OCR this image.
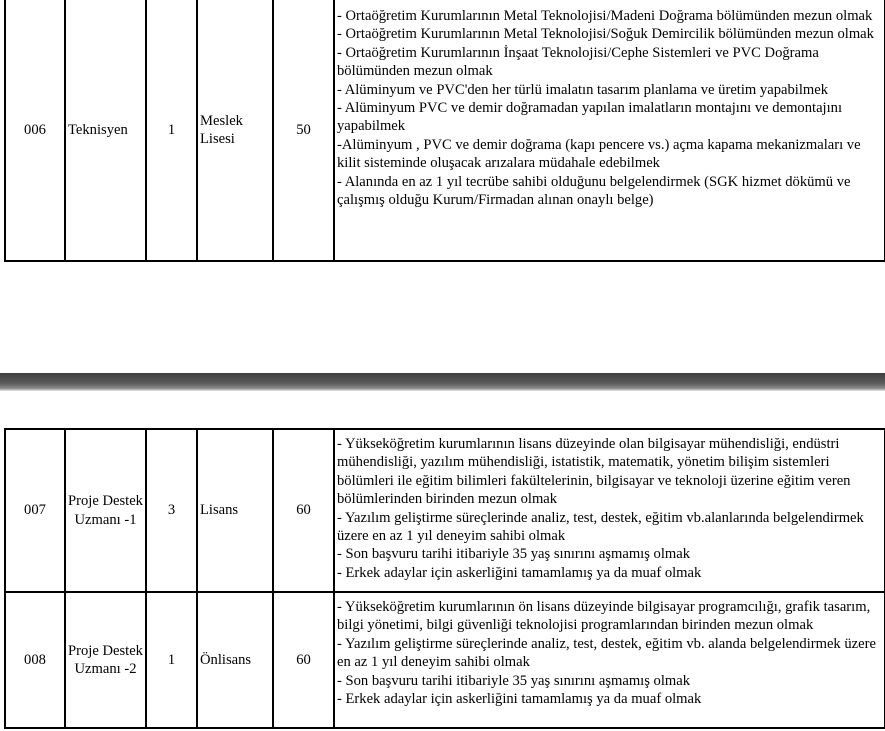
006	Teknisyen	1	Meslek Lisesi	50	
- Ortaöğretim Kurumlarının Metal Teknolojisi/Madeni Doğrama bölümünden mezun olmak
- Ortaöğretim Kurumlarının Metal Teknolojisi/Soğuk Demircilik bölümünden mezun olmak
- Ortaöğretim Kurumlarının İnşaat Teknolojisi/Cephe Sistemleri ve PVC Doğrama bölümünden mezun olmak
- Alüminyum ve PVC'den her türlü imalatın tasarım planlama ve üretim yapabilmek
- Alüminyum PVC ve demir doğramadan yapılan imalatların montajını ve demontajını yapabilmek
-Alüminyum , PVC ve demir doğrama (kapı pencere vs.) açma kapama mekanizmaları ve kilit sisteminde oluşacak arızalara müdahale edebilmek
- Alanında en az 1 yıl tecrübe sahibi olduğunu belgelendirmek (SGK hizmet dökümü ve çalışmış olduğu Kurum/Firmadan alınan onaylı belge)
007	Proje Destek Uzmanı -1	3	Lisans	60	- Yükseköğretim kurumlarının lisans düzeyinde olan bilgisayar mühendisliği, endüstri mühendisliği, yazılım mühendisliği, istatistik, matematik, yönetim bilişim sistemleri bölümleri ile eğitim bilimleri fakültelerinin, bilgisayar ve teknoloji üzerine eğitim veren bölümlerinden birinden mezun olmak
- Yazılım geliştirme süreçlerinde analiz, test, destek, eğitim vb.alanlarında belgelendirmek üzere en az 1 yıl deneyim sahibi olmak
- Son başvuru tarihi itibariyle 35 yaş sınırını aşmamış olmak
- Erkek adaylar için askerliğini tamamlamış ya da muaf olmak

008	Proje Destek Uzmanı -2	1	Önlisans	60	- Yükseköğretim kurumlarının ön lisans düzeyinde bilgisayar programcılığı, grafik tasarım, bilgi yönetimi, bilgi güvenliği teknolojisi programlarından birinden mezun olmak
- Yazılım geliştirme süreçlerinde analiz, test, destek, eğitim vb. alanda belgelendirmek üzere en az 1 yıl deneyim sahibi olmak
- Son başvuru tarihi itibariyle 35 yaş sınırını aşmamış olmak
- Erkek adaylar için askerliğini tamamlamış ya da muaf olmak
